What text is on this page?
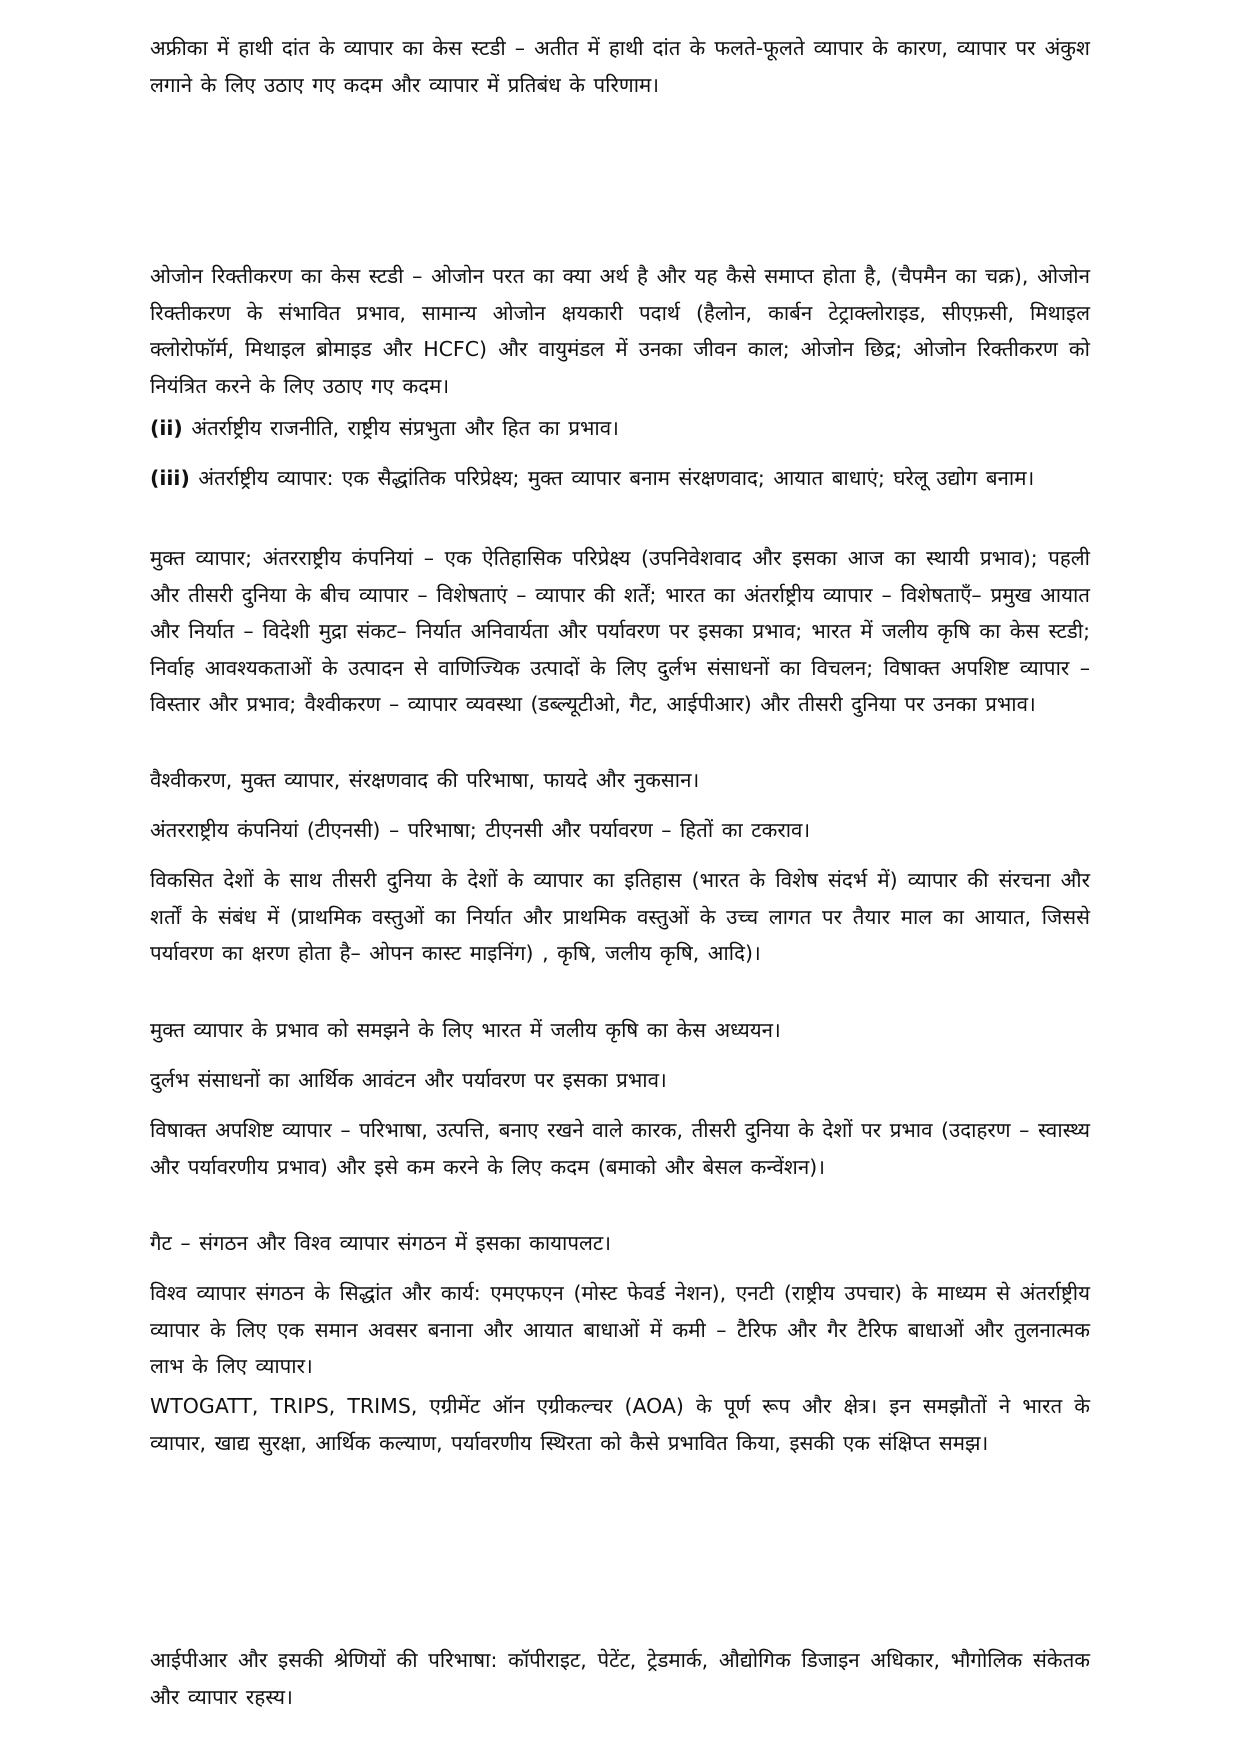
अफ्रीका में हाथी दांत के व्यापार का केस स्टडी – अतीत में हाथी दांत के फलते-फूलते व्यापार के कारण, व्यापार पर अंकुश लगाने के लिए उठाए गए कदम और व्यापार में प्रतिबंध के परिणाम।

ओजोन रिक्तीकरण का केस स्टडी – ओजोन परत का क्या अर्थ है और यह कैसे समाप्त होता है, (चैपमैन का चक्र), ओजोन रिक्तीकरण के संभावित प्रभाव, सामान्य ओजोन क्षयकारी पदार्थ (हैलोन, कार्बन टेट्राक्लोराइड, सीएफ़सी, मिथाइल क्लोरोफॉर्म, मिथाइल ब्रोमाइड और HCFC) और वायुमंडल में उनका जीवन काल; ओजोन छिद्र; ओजोन रिक्तीकरण को नियंत्रित करने के लिए उठाए गए कदम।

(ii) अंतर्राष्ट्रीय राजनीति, राष्ट्रीय संप्रभुता और हित का प्रभाव।

(iii) अंतर्राष्ट्रीय व्यापार: एक सैद्धांतिक परिप्रेक्ष्य; मुक्त व्यापार बनाम संरक्षणवाद; आयात बाधाएं; घरेलू उद्योग बनाम।

मुक्त व्यापार; अंतरराष्ट्रीय कंपनियां – एक ऐतिहासिक परिप्रेक्ष्य (उपनिवेशवाद और इसका आज का स्थायी प्रभाव); पहली और तीसरी दुनिया के बीच व्यापार – विशेषताएं – व्यापार की शर्तें; भारत का अंतर्राष्ट्रीय व्यापार – विशेषताएँ– प्रमुख आयात और निर्यात – विदेशी मुद्रा संकट– निर्यात अनिवार्यता और पर्यावरण पर इसका प्रभाव; भारत में जलीय कृषि का केस स्टडी; निर्वाह आवश्यकताओं के उत्पादन से वाणिज्यिक उत्पादों के लिए दुर्लभ संसाधनों का विचलन; विषाक्त अपशिष्ट व्यापार – विस्तार और प्रभाव; वैश्वीकरण – व्यापार व्यवस्था (डब्ल्यूटीओ, गैट, आईपीआर) और तीसरी दुनिया पर उनका प्रभाव।

वैश्वीकरण, मुक्त व्यापार, संरक्षणवाद की परिभाषा, फायदे और नुकसान।

अंतरराष्ट्रीय कंपनियां (टीएनसी) – परिभाषा; टीएनसी और पर्यावरण – हितों का टकराव।

विकसित देशों के साथ तीसरी दुनिया के देशों के व्यापार का इतिहास (भारत के विशेष संदर्भ में) व्यापार की संरचना और शर्तों के संबंध में (प्राथमिक वस्तुओं का निर्यात और प्राथमिक वस्तुओं के उच्च लागत पर तैयार माल का आयात, जिससे पर्यावरण का क्षरण होता है– ओपन कास्ट माइनिंग) , कृषि, जलीय कृषि, आदि)।

मुक्त व्यापार के प्रभाव को समझने के लिए भारत में जलीय कृषि का केस अध्ययन।

दुर्लभ संसाधनों का आर्थिक आवंटन और पर्यावरण पर इसका प्रभाव।

विषाक्त अपशिष्ट व्यापार – परिभाषा, उत्पत्ति, बनाए रखने वाले कारक, तीसरी दुनिया के देशों पर प्रभाव (उदाहरण – स्वास्थ्य और पर्यावरणीय प्रभाव) और इसे कम करने के लिए कदम (बमाको और बेसल कन्वेंशन)।

गैट – संगठन और विश्व व्यापार संगठन में इसका कायापलट।

विश्व व्यापार संगठन के सिद्धांत और कार्य: एमएफएन (मोस्ट फेवर्ड नेशन), एनटी (राष्ट्रीय उपचार) के माध्यम से अंतर्राष्ट्रीय व्यापार के लिए एक समान अवसर बनाना और आयात बाधाओं में कमी – टैरिफ और गैर टैरिफ बाधाओं और तुलनात्मक लाभ के लिए व्यापार।

WTOGATT, TRIPS, TRIMS, एग्रीमेंट ऑन एग्रीकल्चर (AOA) के पूर्ण रूप और क्षेत्र। इन समझौतों ने भारत के व्यापार, खाद्य सुरक्षा, आर्थिक कल्याण, पर्यावरणीय स्थिरता को कैसे प्रभावित किया, इसकी एक संक्षिप्त समझ।

आईपीआर और इसकी श्रेणियों की परिभाषा: कॉपीराइट, पेटेंट, ट्रेडमार्क, औद्योगिक डिजाइन अधिकार, भौगोलिक संकेतक और व्यापार रहस्य।
